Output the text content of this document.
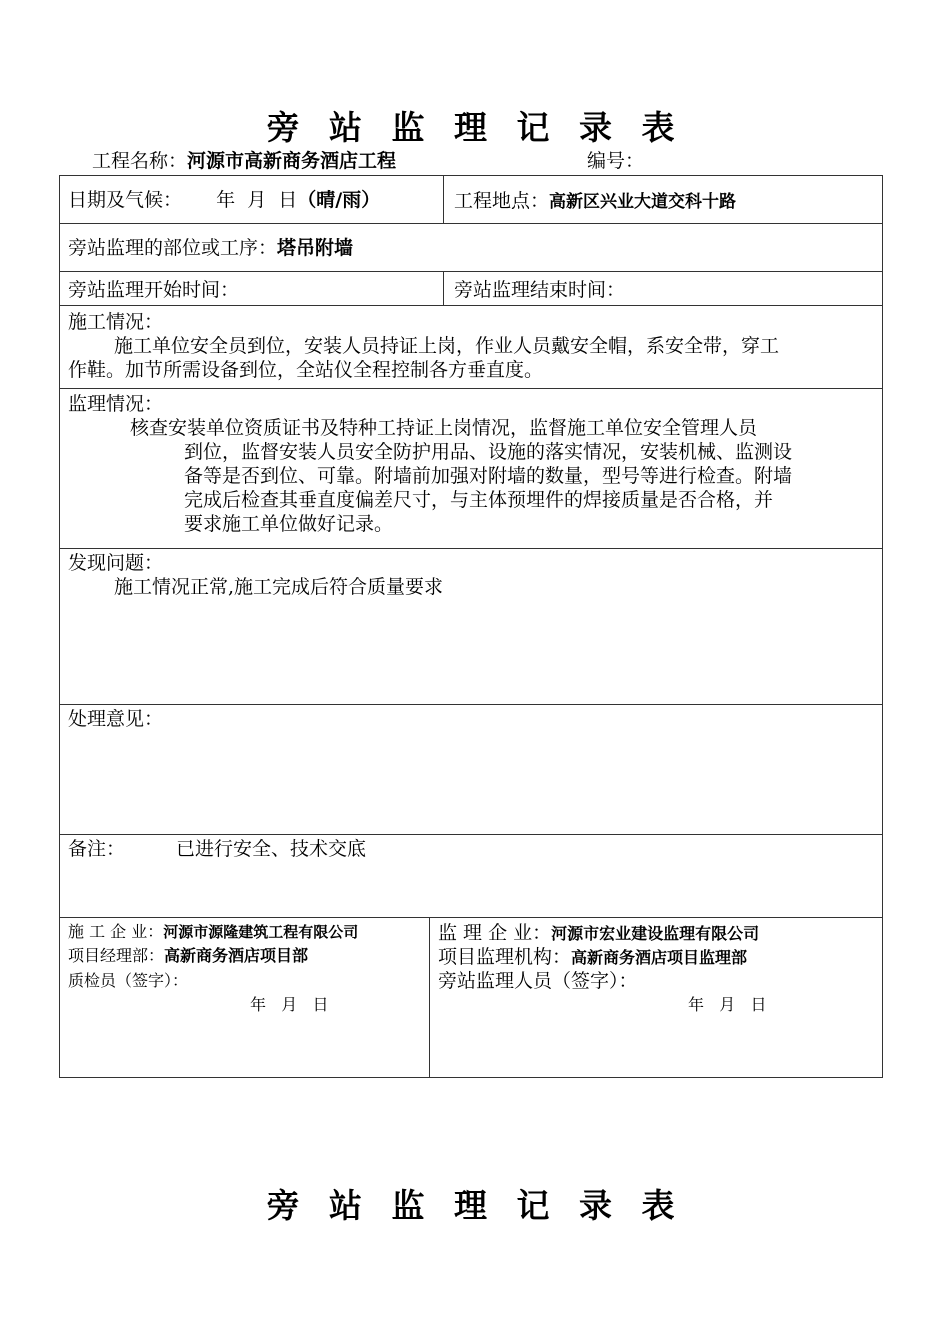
旁 站 监 理 记 录 表
工程名称：河源市高新商务酒店工程	编号：
日期及气候： 年  月  日（晴/雨）	工程地点：高新区兴业大道交科十路
旁站监理的部位或工序：塔吊附墙
旁站监理开始时间：	旁站监理结束时间：
施工情况：
施工单位安全员到位，安装人员持证上岗，作业人员戴安全帽，系安全带，穿工
作鞋。加节所需设备到位，全站仪全程控制各方垂直度。
监理情况：
核查安装单位资质证书及特种工持证上岗情况，监督施工单位安全管理人员
到位，监督安装人员安全防护用品、设施的落实情况，安装机械、监测设
备等是否到位、可靠。附墙前加强对附墙的数量，型号等进行检查。附墙
完成后检查其垂直度偏差尺寸，与主体预埋件的焊接质量是否合格，并
要求施工单位做好记录。
发现问题：
施工情况正常,施工完成后符合质量要求
处理意见：
备注：	已进行安全、技术交底
施 工 企 业：河源市源隆建筑工程有限公司
项目经理部：高新商务酒店项目部
质检员（签字）：
年   月   日
监 理 企 业：河源市宏业建设监理有限公司
项目监理机构：高新商务酒店项目监理部
旁站监理人员（签字）：
年   月   日
旁 站 监 理 记 录 表
